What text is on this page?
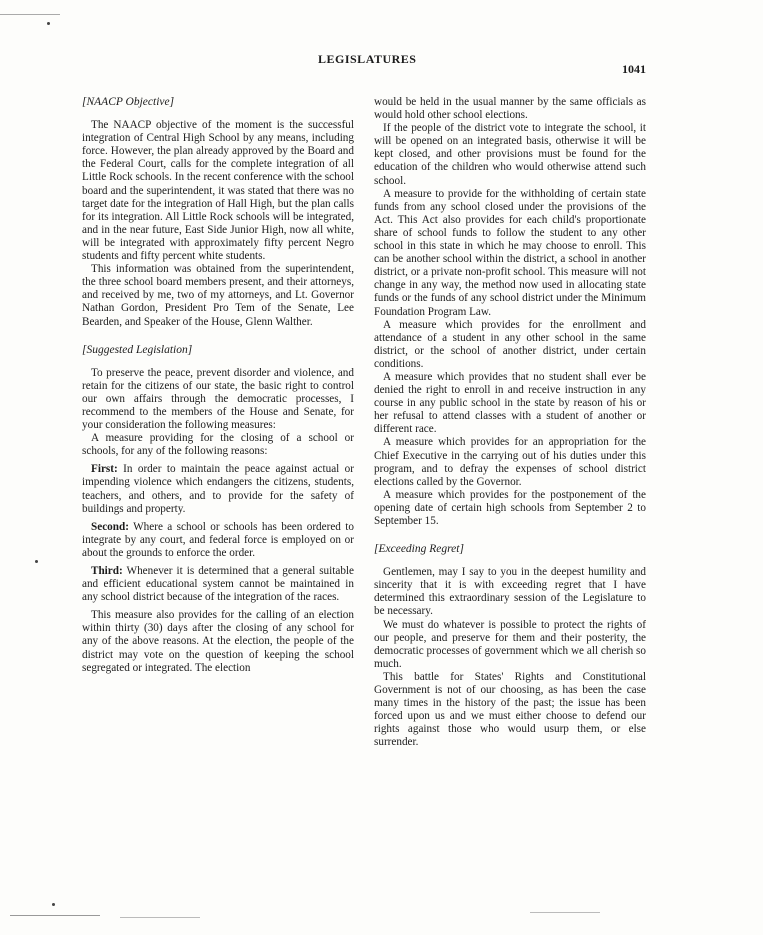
LEGISLATURES
1041

[NAACP Objective]

The NAACP objective of the moment is the successful integration of Central High School by any means, including force. However, the plan already approved by the Board and the Federal Court, calls for the complete integration of all Little Rock schools. In the recent conference with the school board and the superintendent, it was stated that there was no target date for the integration of Hall High, but the plan calls for its integration. All Little Rock schools will be integrated, and in the near future, East Side Junior High, now all white, will be integrated with approximately fifty percent Negro students and fifty percent white students.

This information was obtained from the superintendent, the three school board members present, and their attorneys, and received by me, two of my attorneys, and Lt. Governor Nathan Gordon, President Pro Tem of the Senate, Lee Bearden, and Speaker of the House, Glenn Walther.

[Suggested Legislation]

To preserve the peace, prevent disorder and violence, and retain for the citizens of our state, the basic right to control our own affairs through the democratic processes, I recommend to the members of the House and Senate, for your consideration the following measures:

A measure providing for the closing of a school or schools, for any of the following reasons:

First: In order to maintain the peace against actual or impending violence which endangers the citizens, students, teachers, and others, and to provide for the safety of buildings and property.

Second: Where a school or schools has been ordered to integrate by any court, and federal force is employed on or about the grounds to enforce the order.

Third: Whenever it is determined that a general suitable and efficient educational system cannot be maintained in any school district because of the integration of the races.

This measure also provides for the calling of an election within thirty (30) days after the closing of any school for any of the above reasons. At the election, the people of the district may vote on the question of keeping the school segregated or integrated. The election

would be held in the usual manner by the same officials as would hold other school elections.

If the people of the district vote to integrate the school, it will be opened on an integrated basis, otherwise it will be kept closed, and other provisions must be found for the education of the children who would otherwise attend such school.

A measure to provide for the withholding of certain state funds from any school closed under the provisions of the Act. This Act also provides for each child's proportionate share of school funds to follow the student to any other school in this state in which he may choose to enroll. This can be another school within the district, a school in another district, or a private non-profit school. This measure will not change in any way, the method now used in allocating state funds or the funds of any school district under the Minimum Foundation Program Law.

A measure which provides for the enrollment and attendance of a student in any other school in the same district, or the school of another district, under certain conditions.

A measure which provides that no student shall ever be denied the right to enroll in and receive instruction in any course in any public school in the state by reason of his or her refusal to attend classes with a student of another or different race.

A measure which provides for an appropriation for the Chief Executive in the carrying out of his duties under this program, and to defray the expenses of school district elections called by the Governor.

A measure which provides for the postponement of the opening date of certain high schools from September 2 to September 15.

[Exceeding Regret]

Gentlemen, may I say to you in the deepest humility and sincerity that it is with exceeding regret that I have determined this extraordinary session of the Legislature to be necessary.

We must do whatever is possible to protect the rights of our people, and preserve for them and their posterity, the democratic processes of government which we all cherish so much.

This battle for States' Rights and Constitutional Government is not of our choosing, as has been the case many times in the history of the past; the issue has been forced upon us and we must either choose to defend our rights against those who would usurp them, or else surrender.
